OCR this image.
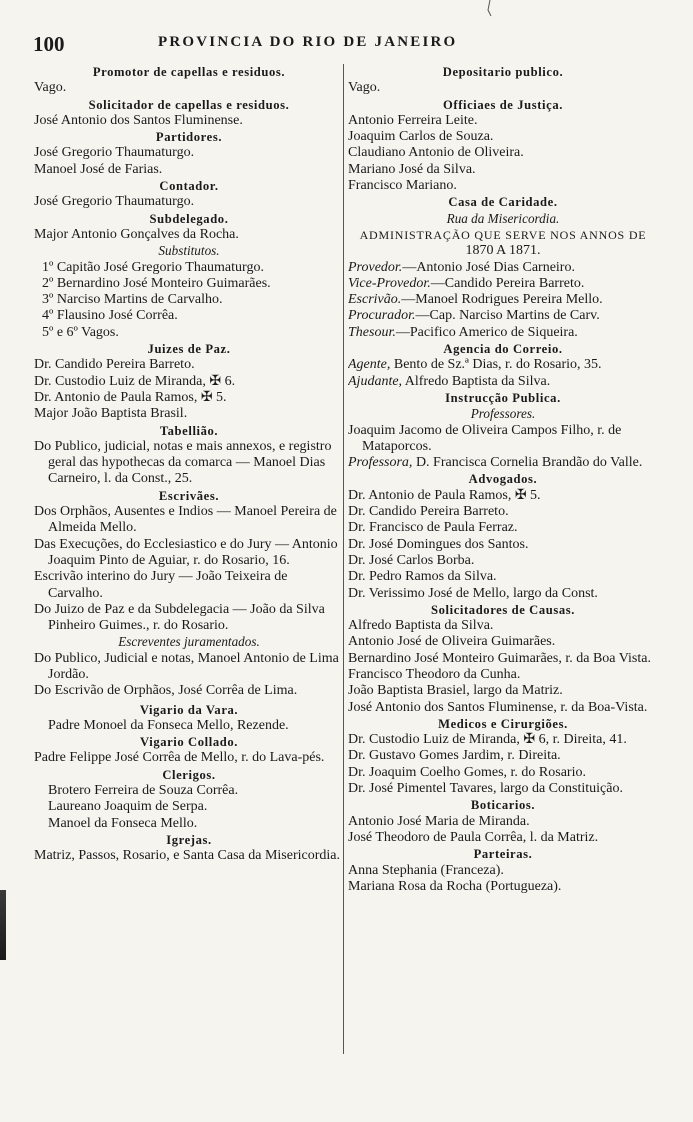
100	PROVINCIA DO RIO DE JANEIRO
Promotor de capellas e residuos.
Vago.
Solicitador de capellas e residuos.
José Antonio dos Santos Fluminense.
Partidores.
José Gregorio Thaumaturgo.
Manoel José de Farias.
Contador.
José Gregorio Thaumaturgo.
Subdelegado.
Major Antonio Gonçalves da Rocha.
Substitutos.
1º Capitão José Gregorio Thaumaturgo.
2º Bernardino José Monteiro Guimarães.
3º Narciso Martins de Carvalho.
4º Flausino José Corrêa.
5º e 6º Vagos.
Juizes de Paz.
Dr. Candido Pereira Barreto.
Dr. Custodio Luiz de Miranda, ✠ 6.
Dr. Antonio de Paula Ramos, ✠ 5.
Major João Baptista Brasil.
Tabellião.
Do Publico, judicial, notas e mais annexos, e registro geral das hypothecas da comarca — Manoel Dias Carneiro, l. da Const., 25.
Escrivães.
Dos Orphãos, Ausentes e Indios — Manoel Pereira de Almeida Mello.
Das Execuções, do Ecclesiastico e do Jury — Antonio Joaquim Pinto de Aguiar, r. do Rosario, 16.
Escrivão interino do Jury — João Teixeira de Carvalho.
Do Juizo de Paz e da Subdelegacia — João da Silva Pinheiro Guimes., r. do Rosario.
Escreventes juramentados.
Do Publico, Judicial e notas, Manoel Antonio de Lima Jordão.
Do Escrivão de Orphãos, José Corrêa de Lima.
Vigario da Vara.
Padre Monoel da Fonseca Mello, Rezende.
Vigario Collado.
Padre Felippe José Corrêa de Mello, r. do Lava-pés.
Clerigos.
Brotero Ferreira de Souza Corrêa.
Laureano Joaquim de Serpa.
Manoel da Fonseca Mello.
Igrejas.
Matriz, Passos, Rosario, e Santa Casa da Misericordia.
Depositario publico.
Vago.
Officiaes de Justiça.
Antonio Ferreira Leite.
Joaquim Carlos de Souza.
Claudiano Antonio de Oliveira.
Mariano José da Silva.
Francisco Mariano.
Casa de Caridade.
Rua da Misericordia.
ADMINISTRAÇÃO QUE SERVE NOS ANNOS DE
1870 A 1871.
Provedor.—Antonio José Dias Carneiro.
Vice-Provedor.—Candido Pereira Barreto.
Escrivão.—Manoel Rodrigues Pereira Mello.
Procurador.—Cap. Narciso Martins de Carv.
Thesour.—Pacifico Americo de Siqueira.
Agencia do Correio.
Agente, Bento de Sz.ª Dias, r. do Rosario, 35.
Ajudante, Alfredo Baptista da Silva.
Instrucção Publica.
Professores.
Joaquim Jacomo de Oliveira Campos Filho, r. de Mataporcos.
Professora, D. Francisca Cornelia Brandão do Valle.
Advogados.
Dr. Antonio de Paula Ramos, ✠ 5.
Dr. Candido Pereira Barreto.
Dr. Francisco de Paula Ferraz.
Dr. José Domingues dos Santos.
Dr. José Carlos Borba.
Dr. Pedro Ramos da Silva.
Dr. Verissimo José de Mello, largo da Const.
Solicitadores de Causas.
Alfredo Baptista da Silva.
Antonio José de Oliveira Guimarães.
Bernardino José Monteiro Guimarães, r. da Boa Vista.
Francisco Theodoro da Cunha.
João Baptista Brasiel, largo da Matriz.
José Antonio dos Santos Fluminense, r. da Boa-Vista.
Medicos e Cirurgiões.
Dr. Custodio Luiz de Miranda, ✠ 6, r. Direita, 41.
Dr. Gustavo Gomes Jardim, r. Direita.
Dr. Joaquim Coelho Gomes, r. do Rosario.
Dr. José Pimentel Tavares, largo da Constituição.
Boticarios.
Antonio José Maria de Miranda.
José Theodoro de Paula Corrêa, l. da Matriz.
Parteiras.
Anna Stephania (Franceza).
Mariana Rosa da Rocha (Portugueza).
